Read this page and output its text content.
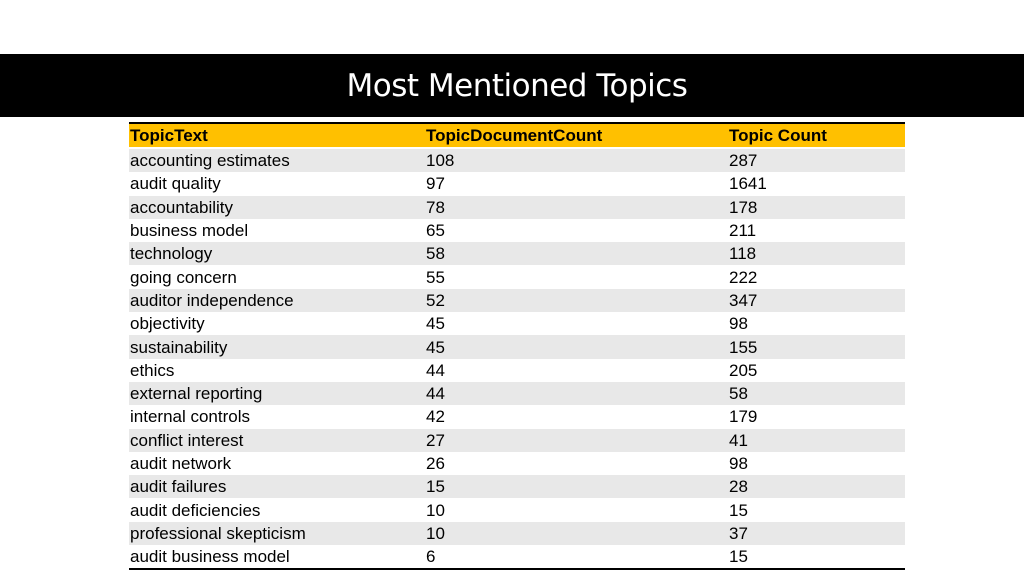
Most Mentioned Topics
TopicText	TopicDocumentCount	Topic Count
accounting estimates	108	287
audit quality	97	1641
accountability	78	178
business model	65	211
technology	58	118
going concern	55	222
auditor independence	52	347
objectivity	45	98
sustainability	45	155
ethics	44	205
external reporting	44	58
internal controls	42	179
conflict interest	27	41
audit network	26	98
audit failures	15	28
audit deficiencies	10	15
professional skepticism	10	37
audit business model	6	15
